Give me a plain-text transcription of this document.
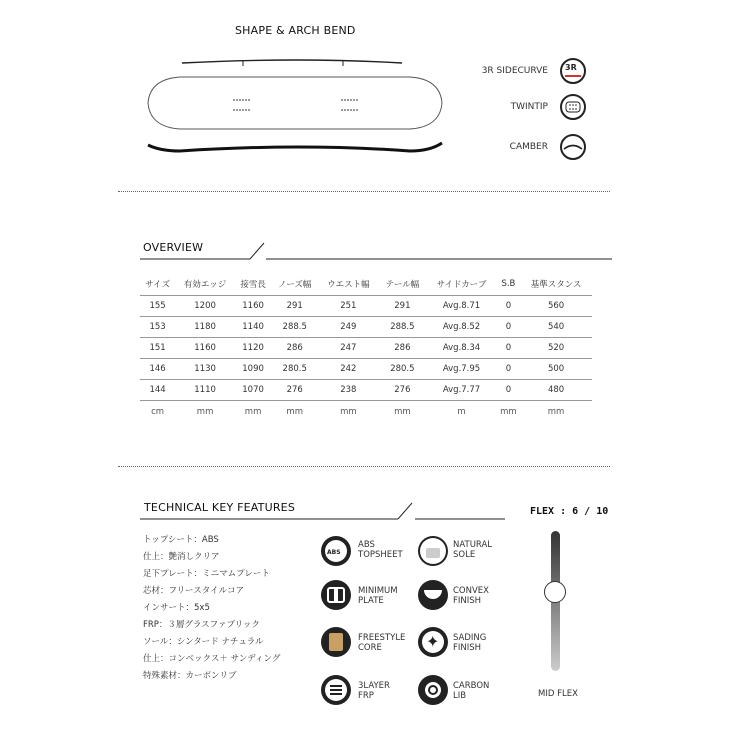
SHAPE & ARCH BEND
3R SIDECURVE 3R
TWINTIP
CAMBER
OVERVIEW
サイズ	有効エッジ	接雪長	ノーズ幅	ウエスト幅	テール幅	サイドカーブ	S.B	基準スタンス
155	1200	1160	291	251	291	Avg.8.71	0	560
153	1180	1140	288.5	249	288.5	Avg.8.52	0	540
151	1160	1120	286	247	286	Avg.8.34	0	520
146	1130	1090	280.5	242	280.5	Avg.7.95	0	500
144	1110	1070	276	238	276	Avg.7.77	0	480
cm	mm	mm	mm	mm	mm	m	mm	mm
TECHNICAL KEY FEATURES
トップシート：ABS
仕上：艶消しクリア
足下プレート：ミニマムプレート
芯材：フリースタイルコア
インサート：5x5
FRP：３層グラスファブリック
ソール：シンタード ナチュラル
仕上：コンベックス＋ サンディング
特殊素材：カーボンリブ
ABS
ABS
TOPSHEET
MINIMUM
PLATE
FREESTYLE
CORE
3LAYER
FRP
NATURAL
SOLE
CONVEX
FINISH
✦ SADING
FINISH
CARBON
LIB
FLEX : 6 / 10
MID FLEX
